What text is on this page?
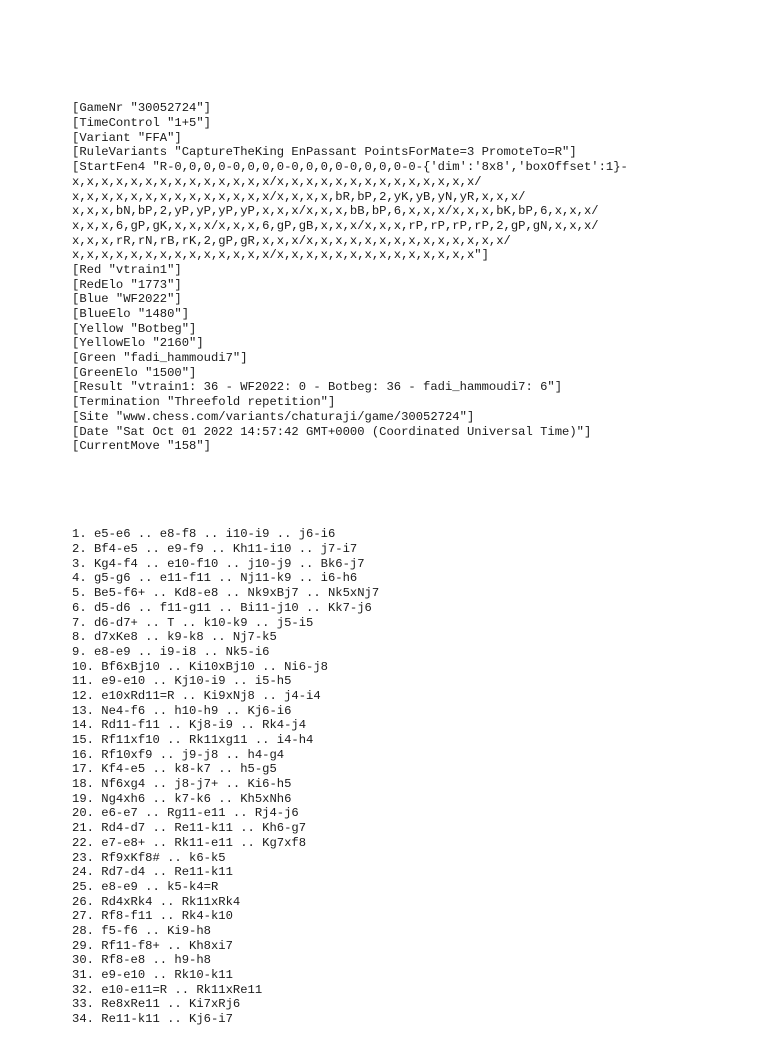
[GameNr "30052724"]
[TimeControl "1+5"]
[Variant "FFA"]
[RuleVariants "CaptureTheKing EnPassant PointsForMate=3 PromoteTo=R"]
[StartFen4 "R-0,0,0,0-0,0,0,0-0,0,0,0-0,0,0,0-0-{'dim':'8x8','boxOffset':1}-
x,x,x,x,x,x,x,x,x,x,x,x,x,x/x,x,x,x,x,x,x,x,x,x,x,x,x,x/
x,x,x,x,x,x,x,x,x,x,x,x,x,x/x,x,x,x,bR,bP,2,yK,yB,yN,yR,x,x,x/
x,x,x,bN,bP,2,yP,yP,yP,yP,x,x,x/x,x,x,bB,bP,6,x,x,x/x,x,x,bK,bP,6,x,x,x/
x,x,x,6,gP,gK,x,x,x/x,x,x,6,gP,gB,x,x,x/x,x,x,rP,rP,rP,rP,2,gP,gN,x,x,x/
x,x,x,rR,rN,rB,rK,2,gP,gR,x,x,x/x,x,x,x,x,x,x,x,x,x,x,x,x,x/
x,x,x,x,x,x,x,x,x,x,x,x,x,x/x,x,x,x,x,x,x,x,x,x,x,x,x,x"]
[Red "vtrain1"]
[RedElo "1773"]
[Blue "WF2022"]
[BlueElo "1480"]
[Yellow "Botbeg"]
[YellowElo "2160"]
[Green "fadi_hammoudi7"]
[GreenElo "1500"]
[Result "vtrain1: 36 - WF2022: 0 - Botbeg: 36 - fadi_hammoudi7: 6"]
[Termination "Threefold repetition"]
[Site "www.chess.com/variants/chaturaji/game/30052724"]
[Date "Sat Oct 01 2022 14:57:42 GMT+0000 (Coordinated Universal Time)"]
[CurrentMove "158"]

1. e5-e6 .. e8-f8 .. i10-i9 .. j6-i6
2. Bf4-e5 .. e9-f9 .. Kh11-i10 .. j7-i7
3. Kg4-f4 .. e10-f10 .. j10-j9 .. Bk6-j7
4. g5-g6 .. e11-f11 .. Nj11-k9 .. i6-h6
5. Be5-f6+ .. Kd8-e8 .. Nk9xBj7 .. Nk5xNj7
6. d5-d6 .. f11-g11 .. Bi11-j10 .. Kk7-j6
7. d6-d7+ .. T .. k10-k9 .. j5-i5
8. d7xKe8 .. k9-k8 .. Nj7-k5
9. e8-e9 .. i9-i8 .. Nk5-i6
10. Bf6xBj10 .. Ki10xBj10 .. Ni6-j8
11. e9-e10 .. Kj10-i9 .. i5-h5
12. e10xRd11=R .. Ki9xNj8 .. j4-i4
13. Ne4-f6 .. h10-h9 .. Kj6-i6
14. Rd11-f11 .. Kj8-i9 .. Rk4-j4
15. Rf11xf10 .. Rk11xg11 .. i4-h4
16. Rf10xf9 .. j9-j8 .. h4-g4
17. Kf4-e5 .. k8-k7 .. h5-g5
18. Nf6xg4 .. j8-j7+ .. Ki6-h5
19. Ng4xh6 .. k7-k6 .. Kh5xNh6
20. e6-e7 .. Rg11-e11 .. Rj4-j6
21. Rd4-d7 .. Re11-k11 .. Kh6-g7
22. e7-e8+ .. Rk11-e11 .. Kg7xf8
23. Rf9xKf8# .. k6-k5
24. Rd7-d4 .. Re11-k11
25. e8-e9 .. k5-k4=R
26. Rd4xRk4 .. Rk11xRk4
27. Rf8-f11 .. Rk4-k10
28. f5-f6 .. Ki9-h8
29. Rf11-f8+ .. Kh8xi7
30. Rf8-e8 .. h9-h8
31. e9-e10 .. Rk10-k11
32. e10-e11=R .. Rk11xRe11
33. Re8xRe11 .. Ki7xRj6
34. Re11-k11 .. Kj6-i7
